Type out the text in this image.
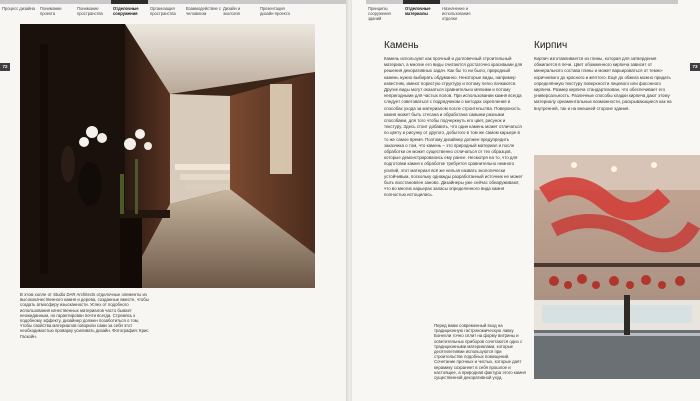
Процесс дизайна	Понимание проекта
Понимание пространства
Отделочные сооружения
Организация пространства
Взаимодействие с человеком
Дизайн и экология
Презентация дизайн-проекта
72
В этом холле от Studio DAR Architects отделочные элементы из высококачественного камня и дерева, созданные вместе, чтобы создать атмосферу изысканности. Успех от подобного использования качественных материалов часто бывает неожиданным, но гарантирован почти всегда. Стремясь к подобному эффекту, дизайнер должен позаботиться о том, чтобы свойства материалов говорили сами за себя этот необходимостью проварку усиливать дизайн. Фотография: Крис Гаскойн.
Принципы сооружения зданий
Отделочные материалы
Назначение и использование отделки
73
Камень
Камень используют как прочный и долговечный строительный материал, а многие его виды считаются достаточно красивыми для решения декоративных задач. Как бы то ни было, природный камень нужно выбирать обдуманно. Некоторые виды, например известняк, имеют пористую структуру и потому легко пачкаются. Другие виды могут оказаться сравнительно мягкими и потому непригодными для частых полов. При использовании камня всегда следует советоваться с подрядчиком о методах скрепления и способах ухода за материалом после строительства. Поверхность камня может быть стесана и обработана самыми разными способами, для того чтобы подчеркнуть его цвет, рисунок и текстуру. Здесь стоит добавить, что один камень может отличаться по цвету и рисунку от другого, добытого в том же самом карьере в то же самое время. Поэтому дизайнер должен предупредить заказчика о том, что камень – это природный материал и после обработки он может существенно отличаться от тех образцов, которые демонстрировались ему ранее. Несмотря на то, что для подготовки камня к обработке требуется сравнительно немного усилий, этот материал всё же нельзя назвать экологически устойчивым, поскольку однажды разработанный источник не может быть восстановлен заново. Дизайнеры уже сейчас обнаруживают, что во многих карьерах запасы определенного вида камня полностью истощились.
Кирпич
Кирпич изготавливается из глины, которая для затвердения обжигается в печи. Цвет обожженного кирпича зависит от минерального состава глины и может варьироваться от темно-коричневого до красного и жёлтого. Ещё до обжига можно придать определённую текстуру поверхности лицевого или фасонного кирпича. Размер кирпича стандартизован, что обеспечивает его универсальность. Различные способы кладки кирпича дают этому материалу орнаментальные возможности, раскрывающиеся как на внутренней, так и на внешней стороне здания.
Перед вами современный вход на традиционную гастрономическую лавку Бонелли точно сплит на форму витрины и осветительных приборов сочетаются одно с традиционными материалами, которые десятилетиями используются при строительстве подобных помещений. Сочетание прочных и чистых, которые даёт керамику сохраняет в себя прошлое и настоящее, а природная фактура этого камня существенной декоративной ухуд.
